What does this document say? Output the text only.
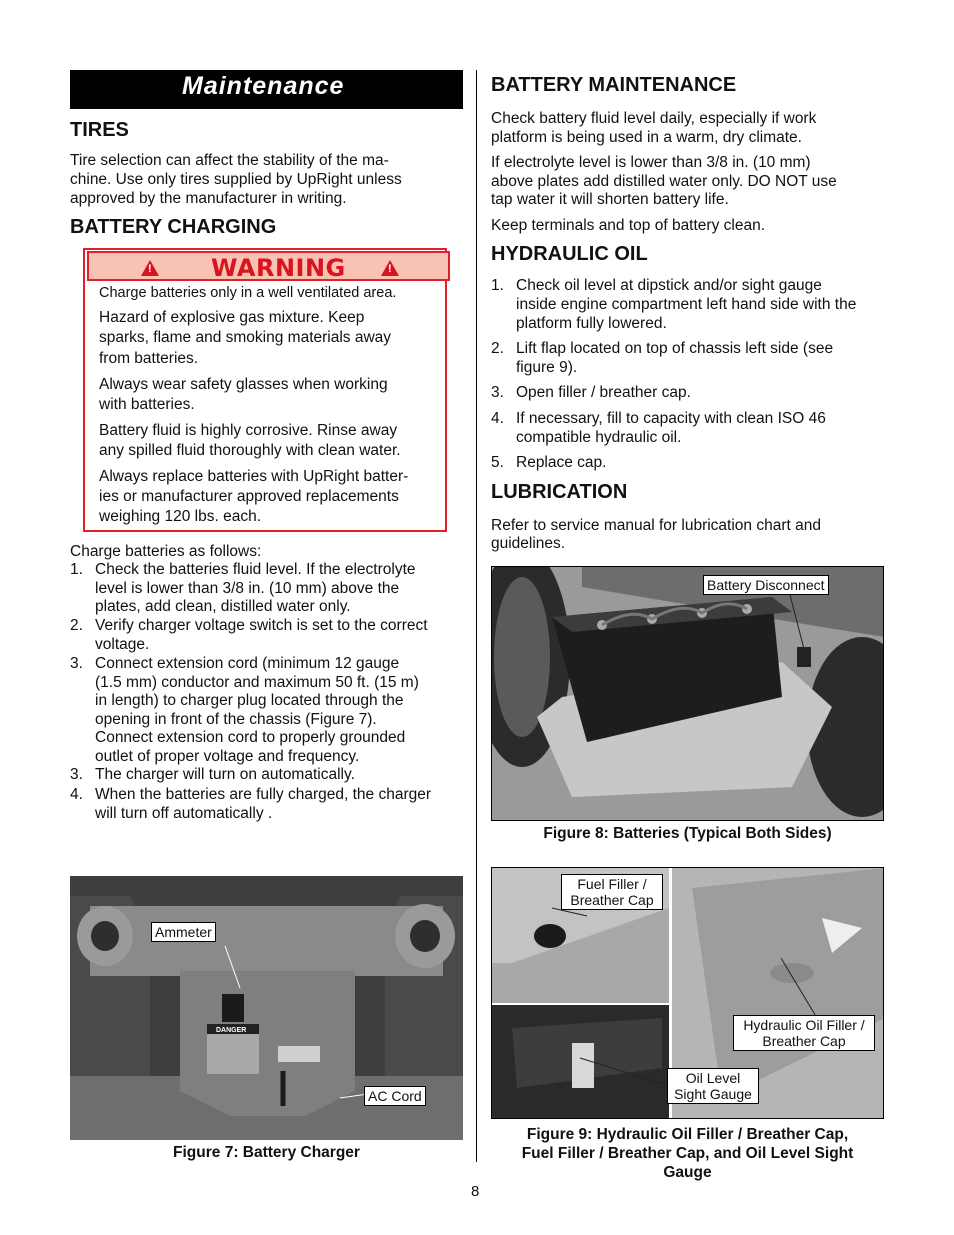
Maintenance
TIRES

Tire selection can affect the stability of the ma-

chine. Use only tires supplied by UpRight unless

approved by the manufacturer in writing.

BATTERY CHARGING
! WARNING	!
Charge batteries only in a well ventilated area.
Hazard of explosive gas mixture. Keep
sparks, flame and smoking materials away
from batteries.
Always wear safety glasses when working
with batteries.
Battery fluid is highly corrosive. Rinse away
any spilled fluid thoroughly with clean water.
Always replace batteries with UpRight batter-
ies or manufacturer approved replacements
weighing 120 lbs. each.

Charge batteries as follows:

1. Check the batteries fluid level. If the electrolyte
level is lower than 3/8 in. (10 mm) above the
plates, add clean, distilled water only.
2. Verify charger voltage switch is set to the correct
voltage.
3. Connect extension cord (minimum 12 gauge
(1.5 mm) conductor and maximum 50 ft. (15 m)
in length) to charger plug located through the
opening in front of the chassis (Figure 7).
Connect extension cord to properly grounded
outlet of proper voltage and frequency.
3. The charger will turn on automatically.
4. When the batteries are fully charged, the charger
will turn off automatically .
DANGER
Ammeter
AC Cord
Figure 7: Battery Charger
BATTERY MAINTENANCE

Check battery fluid level daily, especially if work

platform is being used in a warm, dry climate.

If electrolyte level is lower than 3/8 in. (10 mm)

above plates add distilled water only. DO NOT use

tap water it will shorten battery life.

Keep terminals and top of battery clean.

HYDRAULIC OIL
1. Check oil level at dipstick and/or sight gauge
inside engine compartment left hand side with the
platform fully lowered.
2. Lift flap located on top of chassis left side (see
figure 9).
3. Open filler / breather cap.
4. If necessary, fill to capacity with clean ISO 46
compatible hydraulic oil.
5. Replace cap.
LUBRICATION

Refer to service manual for lubrication chart and

guidelines.

Battery Disconnect
Figure 8: Batteries (Typical Both Sides)
Fuel Filler /
Breather Cap
Hydraulic Oil Filler /
Breather Cap
Oil Level
Sight Gauge
Figure 9: Hydraulic Oil Filler / Breather Cap,
Fuel Filler / Breather Cap, and Oil Level Sight
Gauge
8
